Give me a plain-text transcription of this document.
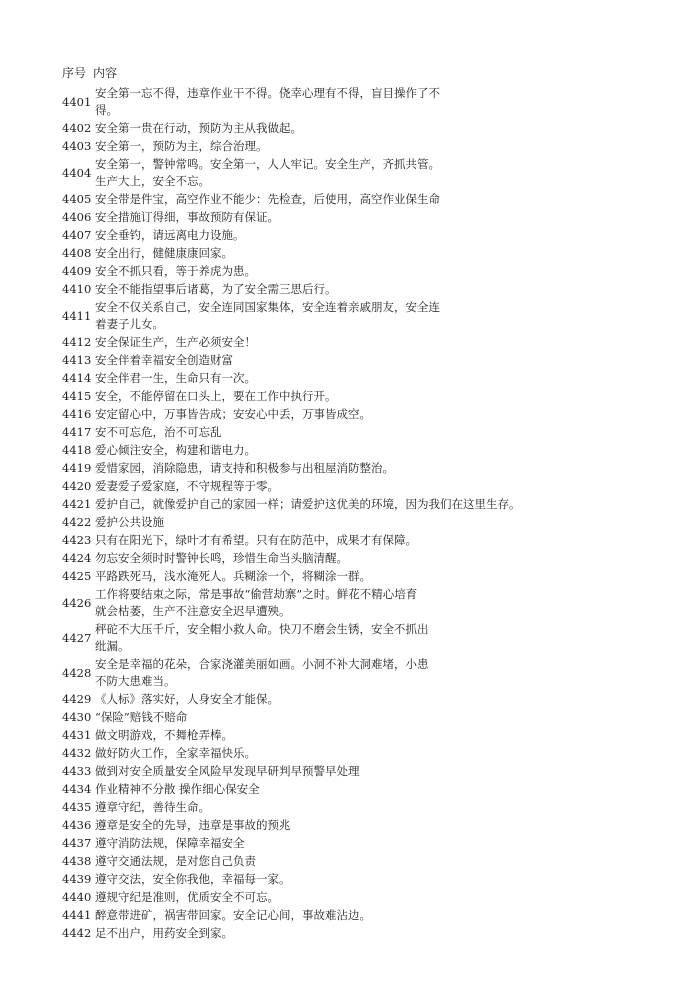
序号 内容
4401
安全第一忘不得，违章作业干不得。侥幸心理有不得，盲目操作了不
得。
4402 安全第一贵在行动，预防为主从我做起。
4403 安全第一，预防为主，综合治理。
4404
安全第一，警钟常鸣。安全第一，人人牢记。安全生产，齐抓共管。
生产大上，安全不忘。
4405 安全带是件宝，高空作业不能少：先检查，后使用，高空作业保生命
4406 安全措施订得细，事故预防有保证。
4407 安全垂钓，请远离电力设施。
4408 安全出行，健健康康回家。
4409 安全不抓只看，等于养虎为患。
4410 安全不能指望事后诸葛，为了安全需三思后行。
4411
安全不仅关系自己，安全连同国家集体，安全连着亲戚朋友，安全连
着妻子儿女。
4412 安全保证生产，生产必须安全！
4413 安全伴着幸福安全创造财富
4414 安全伴君一生，生命只有一次。
4415 安全，不能停留在口头上，要在工作中执行开。
4416 安定留心中，万事皆告成；安安心中丢，万事皆成空。
4417 安不可忘危，治不可忘乱
4418 爱心倾注安全，构建和谐电力。
4419 爱惜家园，消除隐患，请支持和积极参与出租屋消防整治。
4420 爱妻爱子爱家庭，不守规程等于零。
4421 爱护自己，就像爱护自己的家园一样；请爱护这优美的环境，因为我们在这里生存。
4422 爱护公共设施
4423 只有在阳光下，绿叶才有希望。只有在防范中，成果才有保障。
4424 勿忘安全须时时警钟长鸣，珍惜生命当头脑清醒。
4425 平路跌死马，浅水淹死人。兵糊涂一个，将糊涂一群。
4426
工作将要结束之际，常是事故“偷营劫寨”之时。鲜花不精心培育
就会枯萎，生产不注意安全迟早遭殃。
4427
秤砣不大压千斤，安全帽小救人命。快刀不磨会生锈，安全不抓出
纰漏。
4428
安全是幸福的花朵，合家浇灌美丽如画。小洞不补大洞难堵，小患
不防大患难当。
4429 《人标》落实好，人身安全才能保。
4430 “保险”赔钱不赔命
4431 做文明游戏，不舞枪弄棒。
4432 做好防火工作，全家幸福快乐。
4433 做到对安全质量安全风险早发现早研判早预警早处理
4434 作业精神不分散 操作细心保安全
4435 遵章守纪，善待生命。
4436 遵章是安全的先导，违章是事故的预兆
4437 遵守消防法规，保障幸福安全
4438 遵守交通法规，是对您自己负责
4439 遵守交法，安全你我他，幸福每一家。
4440 遵规守纪是准则，优质安全不可忘。
4441 醉意带进矿，祸害带回家。安全记心间，事故难沾边。
4442 足不出户，用药安全到家。
